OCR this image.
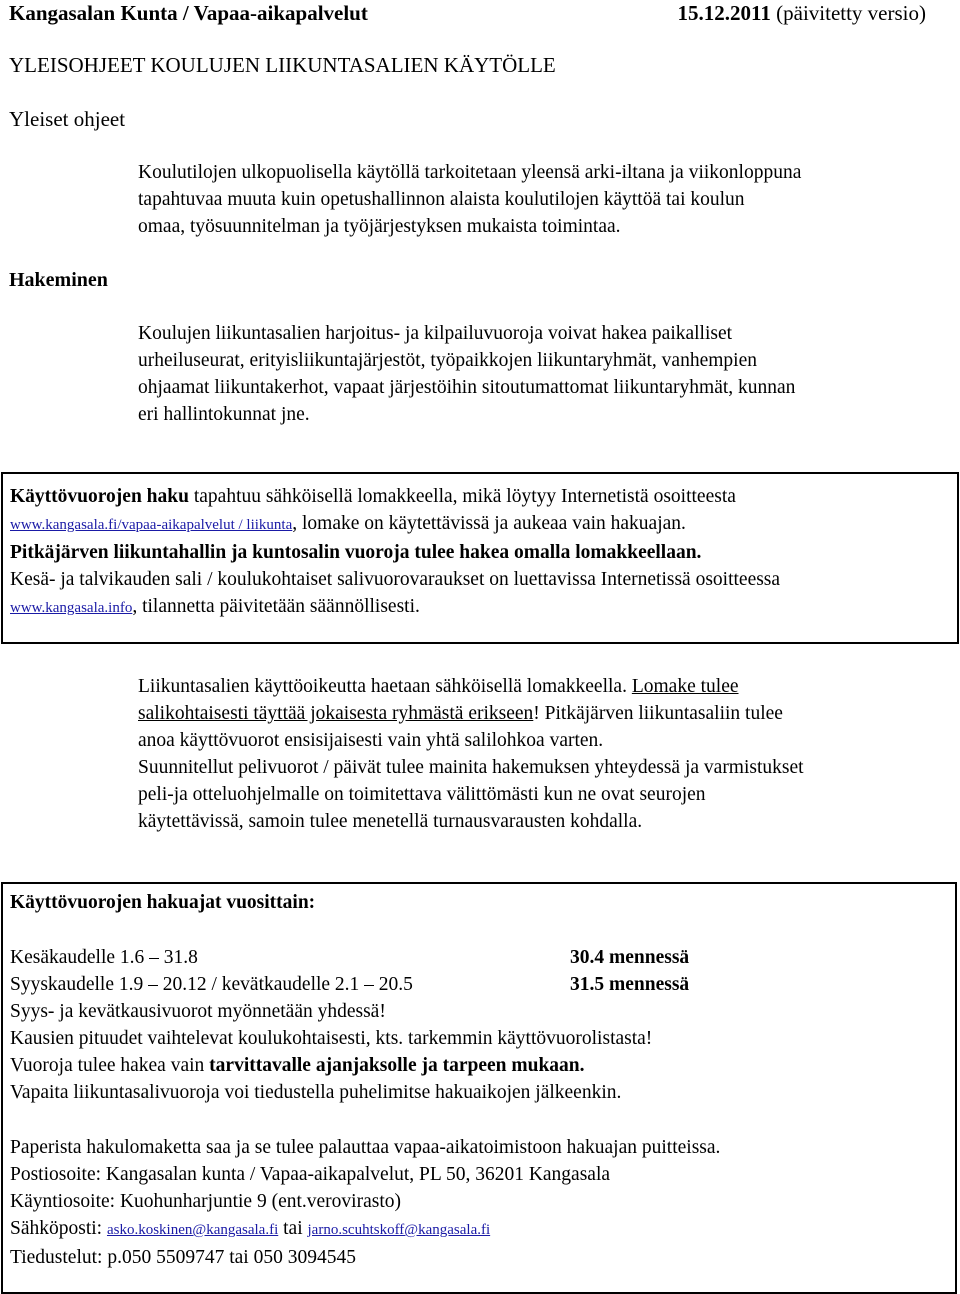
Kangasalan Kunta / Vapaa-aikapalvelut	15.12.2011 (päivitetty versio)
YLEISOHJEET KOULUJEN LIIKUNTASALIEN KÄYTÖLLE
Yleiset ohjeet
Koulutilojen ulkopuolisella käytöllä tarkoitetaan yleensä arki-iltana ja viikonloppuna
tapahtuvaa muuta kuin opetushallinnon alaista koulutilojen käyttöä tai koulun
omaa, työsuunnitelman ja työjärjestyksen mukaista toimintaa.
Hakeminen
Koulujen liikuntasalien harjoitus- ja kilpailuvuoroja voivat hakea paikalliset
urheiluseurat, erityisliikuntajärjestöt, työpaikkojen liikuntaryhmät, vanhempien
ohjaamat liikuntakerhot, vapaat järjestöihin sitoutumattomat liikuntaryhmät, kunnan
eri hallintokunnat jne.
Käyttövuorojen haku tapahtuu sähköisellä lomakkeella, mikä löytyy Internetistä osoitteesta
www.kangasala.fi/vapaa-aikapalvelut / liikunta, lomake on käytettävissä ja aukeaa vain hakuajan.
Pitkäjärven liikuntahallin ja kuntosalin vuoroja tulee hakea omalla lomakkeellaan.
Kesä- ja talvikauden sali / koulukohtaiset salivuorovaraukset on luettavissa Internetissä osoitteessa
www.kangasala.info, tilannetta päivitetään säännöllisesti.
Liikuntasalien käyttöoikeutta haetaan sähköisellä lomakkeella. Lomake tulee
salikohtaisesti täyttää jokaisesta ryhmästä erikseen! Pitkäjärven liikuntasaliin tulee
anoa käyttövuorot ensisijaisesti vain yhtä salilohkoa varten.
Suunnitellut pelivuorot / päivät tulee mainita hakemuksen yhteydessä ja varmistukset
peli-ja otteluohjelmalle on toimitettava välittömästi kun ne ovat seurojen
käytettävissä, samoin tulee menetellä turnausvarausten kohdalla.
Käyttövuorojen hakuajat vuosittain:
Kesäkaudelle 1.6 – 31.8	30.4 mennessä
Syyskaudelle 1.9 – 20.12 / kevätkaudelle 2.1 – 20.5	31.5 mennessä
Syys- ja kevätkausivuorot myönnetään yhdessä!
Kausien pituudet vaihtelevat koulukohtaisesti, kts. tarkemmin käyttövuorolistasta!
Vuoroja tulee hakea vain tarvittavalle ajanjaksolle ja tarpeen mukaan.
Vapaita liikuntasalivuoroja voi tiedustella puhelimitse hakuaikojen jälkeenkin.
Paperista hakulomaketta saa ja se tulee palauttaa vapaa-aikatoimistoon hakuajan puitteissa.
Postiosoite: Kangasalan kunta / Vapaa-aikapalvelut, PL 50, 36201 Kangasala
Käyntiosoite: Kuohunharjuntie 9 (ent.verovirasto)
Sähköposti: asko.koskinen@kangasala.fi tai jarno.scuhtskoff@kangasala.fi
Tiedustelut: p.050 5509747 tai 050 3094545
